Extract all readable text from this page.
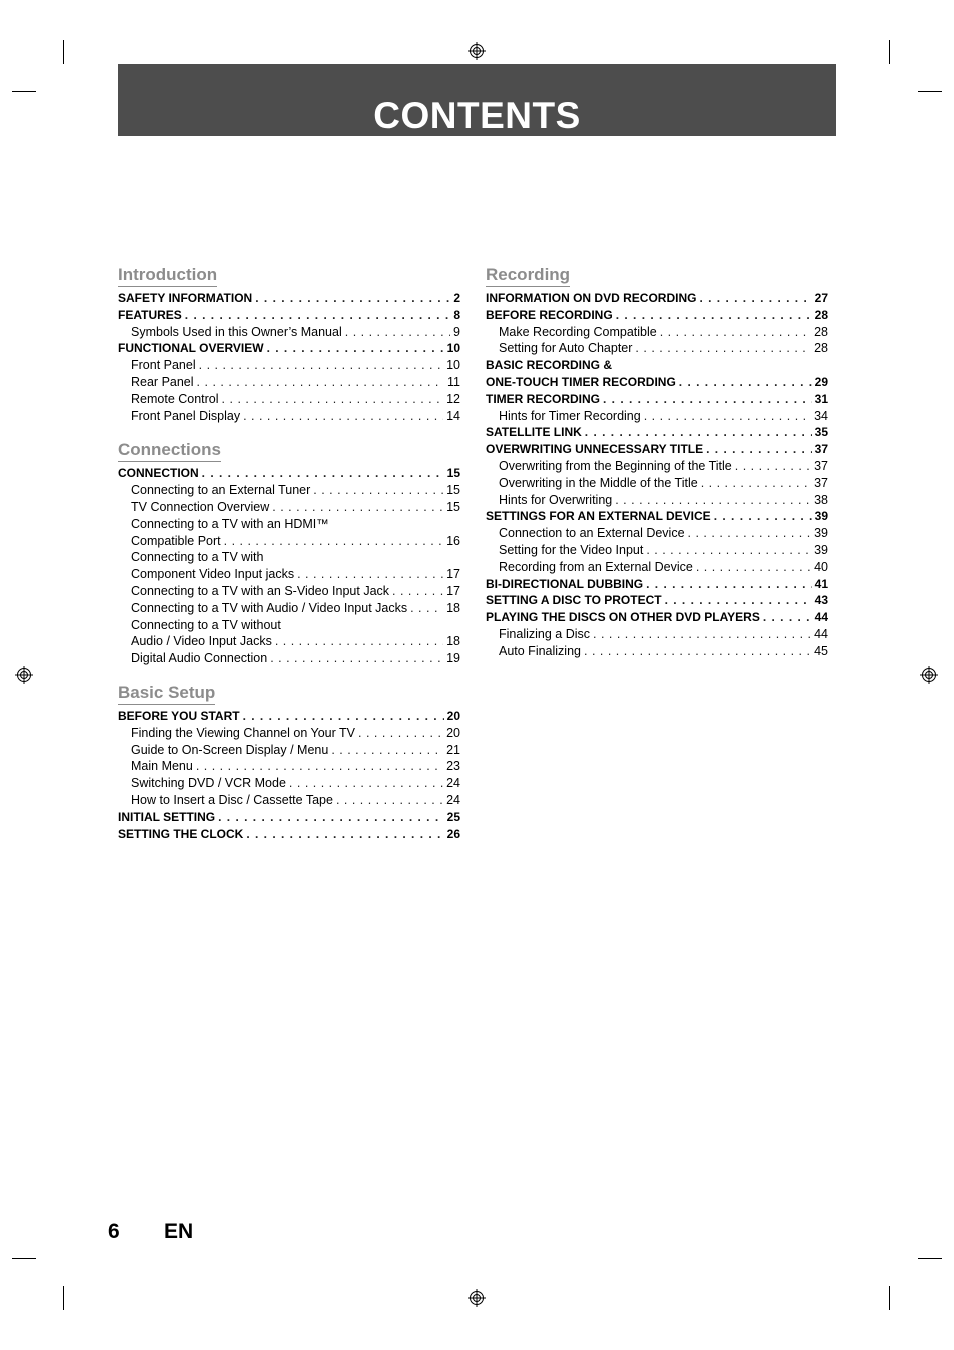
CONTENTS
Introduction
SAFETY INFORMATION . . .	2
FEATURES . . .	8
Symbols Used in this Owner’s Manual . . .	9
FUNCTIONAL OVERVIEW . . .	10
Front Panel . . .	10
Rear Panel . . .	11
Remote Control . . .	12
Front Panel Display . . .	14
Connections
CONNECTION . . .	15
Connecting to an External Tuner . . .	15
TV Connection Overview . . .	15
Connecting to a TV with an HDMI™
Compatible Port . . .	16
Connecting to a TV with
Component Video Input jacks . . .	17
Connecting to a TV with an S-Video Input Jack . . .	17
Connecting to a TV with Audio / Video Input Jacks . . .	18
Connecting to a TV without
Audio / Video Input Jacks . . .	18
Digital Audio Connection . . .	19
Basic Setup
BEFORE YOU START . . .	20
Finding the Viewing Channel on Your TV . . .	20
Guide to On-Screen Display / Menu . . .	21
Main Menu . . .	23
Switching DVD / VCR Mode . . .	24
How to Insert a Disc / Cassette Tape . . .	24
INITIAL SETTING . . .	25
SETTING THE CLOCK . . .	26
Recording
INFORMATION ON DVD RECORDING . . .	27
BEFORE RECORDING . . .	28
Make Recording Compatible . . .	28
Setting for Auto Chapter . . .	28
BASIC RECORDING &
ONE-TOUCH TIMER RECORDING . . .	29
TIMER RECORDING . . .	31
Hints for Timer Recording . . .	34
SATELLITE LINK . . .	35
OVERWRITING UNNECESSARY TITLE . . .	37
Overwriting from the Beginning of the Title . . .	37
Overwriting in the Middle of the Title . . .	37
Hints for Overwriting . . .	38
SETTINGS FOR AN EXTERNAL DEVICE . . .	39
Connection to an External Device . . .	39
Setting for the Video Input . . .	39
Recording from an External Device . . .	40
BI-DIRECTIONAL DUBBING . . .	41
SETTING A DISC TO PROTECT . . .	43
PLAYING THE DISCS ON OTHER DVD PLAYERS . . .	44
Finalizing a Disc . . .	44
Auto Finalizing . . .	45
6 EN
